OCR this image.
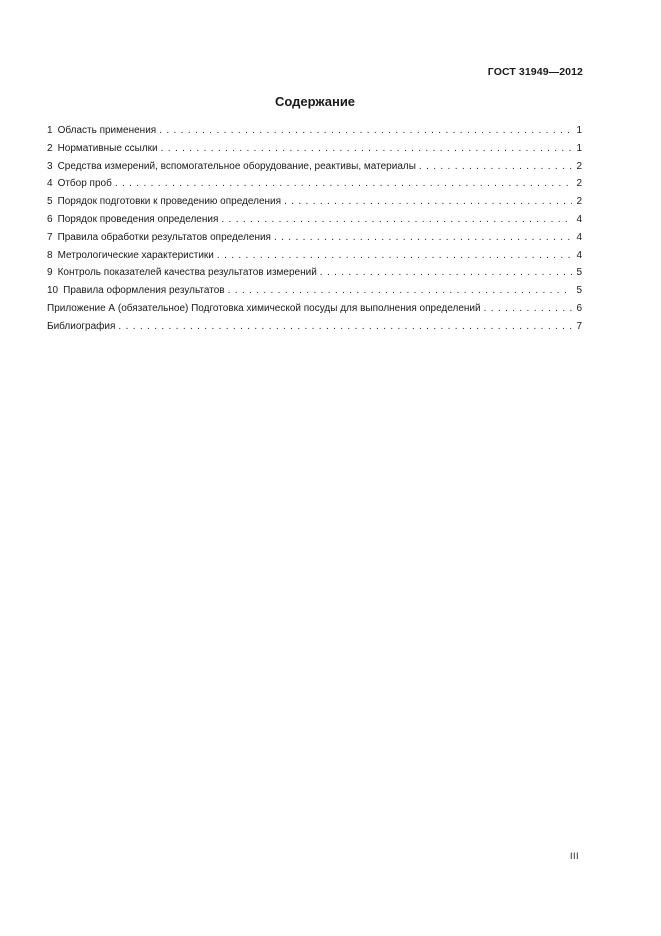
ГОСТ 31949—2012
Содержание
1 Область применения . . .	1
2 Нормативные ссылки . . .	1
3 Средства измерений, вспомогательное оборудование, реактивы, материалы . . .	2
4 Отбор проб . . .	2
5 Порядок подготовки к проведению определения . . .	2
6 Порядок проведения определения . . .	4
7 Правила обработки результатов определения . . .	4
8 Метрологические характеристики . . .	4
9 Контроль показателей качества результатов измерений . . .	5
10 Правила оформления результатов . . .	5
Приложение А (обязательное) Подготовка химической посуды для выполнения определений . . .	6
Библиография . . .	7
III
